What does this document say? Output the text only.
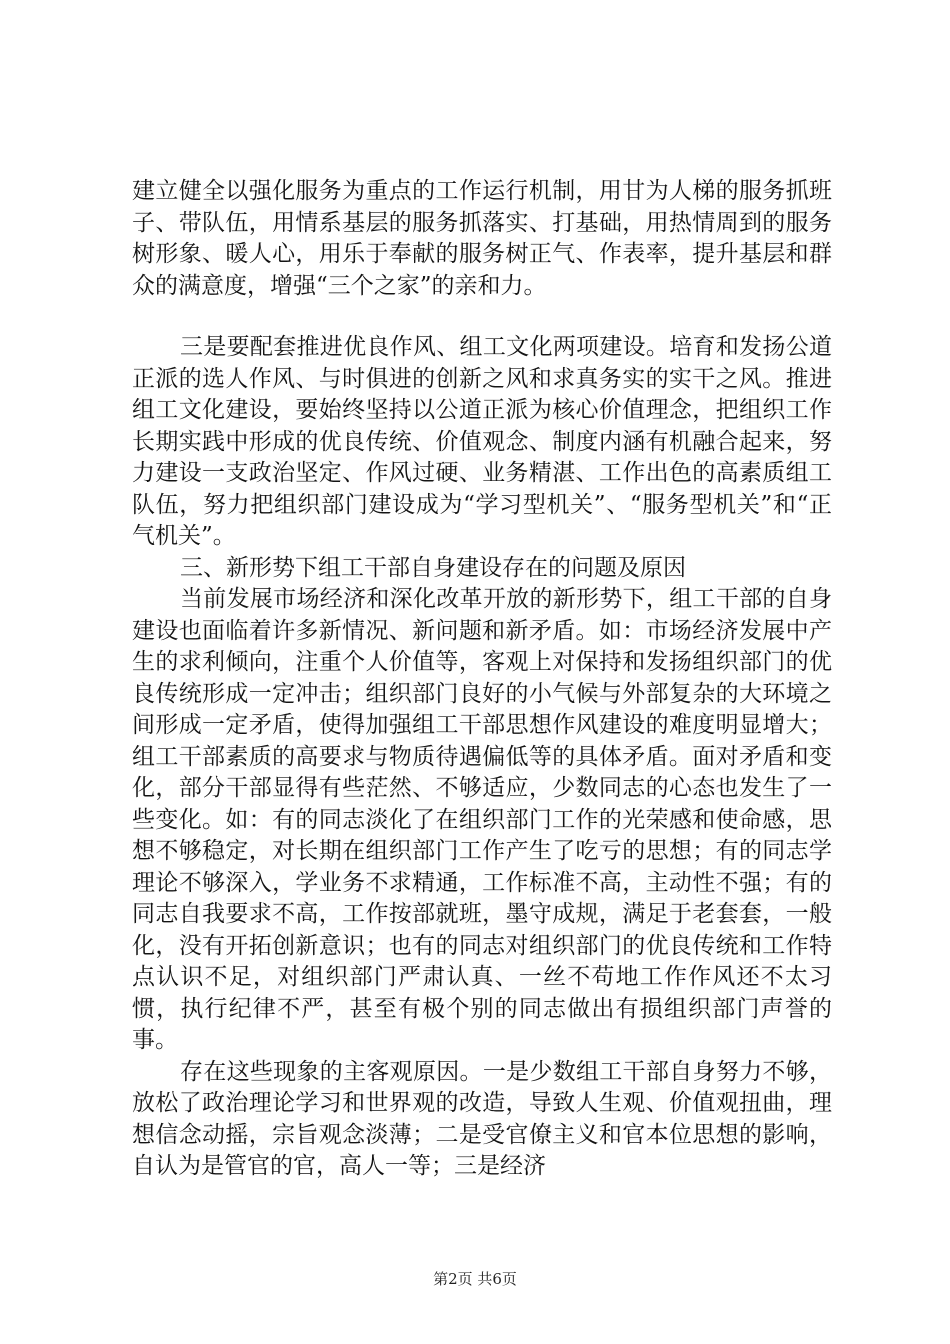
建立健全以强化服务为重点的工作运行机制，用甘为人梯的服务抓班子、带队伍，用情系基层的服务抓落实、打基础，用热情周到的服务树形象、暖人心，用乐于奉献的服务树正气、作表率，提升基层和群众的满意度，增强“三个之家”的亲和力。

三是要配套推进优良作风、组工文化两项建设。培育和发扬公道正派的选人作风、与时俱进的创新之风和求真务实的实干之风。推进组工文化建设，要始终坚持以公道正派为核心价值理念，把组织工作长期实践中形成的优良传统、价值观念、制度内涵有机融合起来，努力建设一支政治坚定、作风过硬、业务精湛、工作出色的高素质组工队伍，努力把组织部门建设成为“学习型机关”、“服务型机关”和“正气机关”。

三、新形势下组工干部自身建设存在的问题及原因

当前发展市场经济和深化改革开放的新形势下，组工干部的自身建设也面临着许多新情况、新问题和新矛盾。如：市场经济发展中产生的求利倾向，注重个人价值等，客观上对保持和发扬组织部门的优良传统形成一定冲击；组织部门良好的小气候与外部复杂的大环境之间形成一定矛盾，使得加强组工干部思想作风建设的难度明显增大；组工干部素质的高要求与物质待遇偏低等的具体矛盾。面对矛盾和变化，部分干部显得有些茫然、不够适应，少数同志的心态也发生了一些变化。如：有的同志淡化了在组织部门工作的光荣感和使命感，思想不够稳定，对长期在组织部门工作产生了吃亏的思想；有的同志学理论不够深入，学业务不求精通，工作标准不高，主动性不强；有的同志自我要求不高，工作按部就班，墨守成规，满足于老套套，一般化，没有开拓创新意识；也有的同志对组织部门的优良传统和工作特点认识不足，对组织部门严肃认真、一丝不苟地工作作风还不太习惯，执行纪律不严，甚至有极个别的同志做出有损组织部门声誉的事。

存在这些现象的主客观原因。一是少数组工干部自身努力不够，放松了政治理论学习和世界观的改造，导致人生观、价值观扭曲，理想信念动摇，宗旨观念淡薄；二是受官僚主义和官本位思想的影响，自认为是管官的官，高人一等；三是经济

第2页 共6页
